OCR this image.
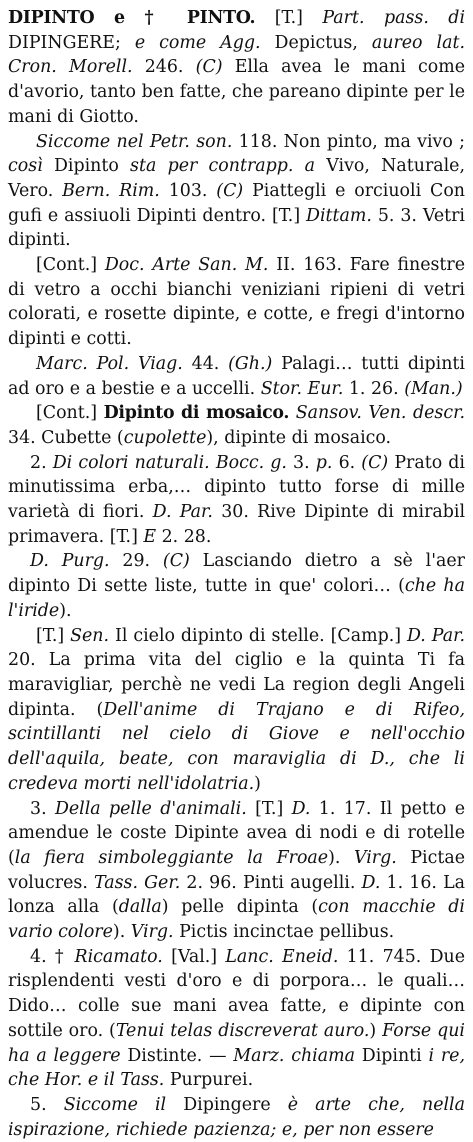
DIPINTO e † PINTO. [T.] Part. pass. di DIPINGERE; e come Agg. Depictus, aureo lat. Cron. Morell. 246. (C) Ella avea le mani come d'avorio, tanto ben fatte, che pareano dipinte per le mani di Giotto.

Siccome nel Petr. son. 118. Non pinto, ma vivo ; così Dipinto sta per contrapp. a Vivo, Naturale, Vero. Bern. Rim. 103. (C) Piattegli e orciuoli Con gufi e assiuoli Dipinti dentro. [T.] Dittam. 5. 3. Vetri dipinti.

[Cont.] Doc. Arte San. M. II. 163. Fare finestre di vetro a occhi bianchi veniziani ripieni di vetri colorati, e rosette dipinte, e cotte, e fregi d'intorno dipinti e cotti.

Marc. Pol. Viag. 44. (Gh.) Palagi… tutti dipinti ad oro e a bestie e a uccelli. Stor. Eur. 1. 26. (Man.)

[Cont.] Dipinto di mosaico. Sansov. Ven. descr. 34. Cubette (cupolette), dipinte di mosaico.

2. Di colori naturali. Bocc. g. 3. p. 6. (C) Prato di minutissima erba,… dipinto tutto forse di mille varietà di fiori. D. Par. 30. Rive Dipinte di mirabil primavera. [T.] E 2. 28.

D. Purg. 29. (C) Lasciando dietro a sè l'aer dipinto Di sette liste, tutte in que' colori… (che ha l'iride).

[T.] Sen. Il cielo dipinto di stelle. [Camp.] D. Par. 20. La prima vita del ciglio e la quinta Ti fa maravigliar, perchè ne vedi La region degli Angeli dipinta. (Dell'anime di Trajano e di Rifeo, scintillanti nel cielo di Giove e nell'occhio dell'aquila, beate, con maraviglia di D., che li credeva morti nell'idolatria.)

3. Della pelle d'animali. [T.] D. 1. 17. Il petto e amendue le coste Dipinte avea di nodi e di rotelle (la fiera simboleggiante la Froae). Virg. Pictae volucres. Tass. Ger. 2. 96. Pinti augelli. D. 1. 16. La lonza alla (dalla) pelle dipinta (con macchie di vario colore). Virg. Pictis incinctae pellibus.

4. † Ricamato. [Val.] Lanc. Eneid. 11. 745. Due risplendenti vesti d'oro e di porpora… le quali… Dido… colle sue mani avea fatte, e dipinte con sottile oro. (Tenui telas discreverat auro.) Forse qui ha a leggere Distinte. — Marz. chiama Dipinti i re, che Hor. e il Tass. Purpurei.

5. Siccome il Dipingere è arte che, nella ispirazione, richiede pazienza; e, per non essere
